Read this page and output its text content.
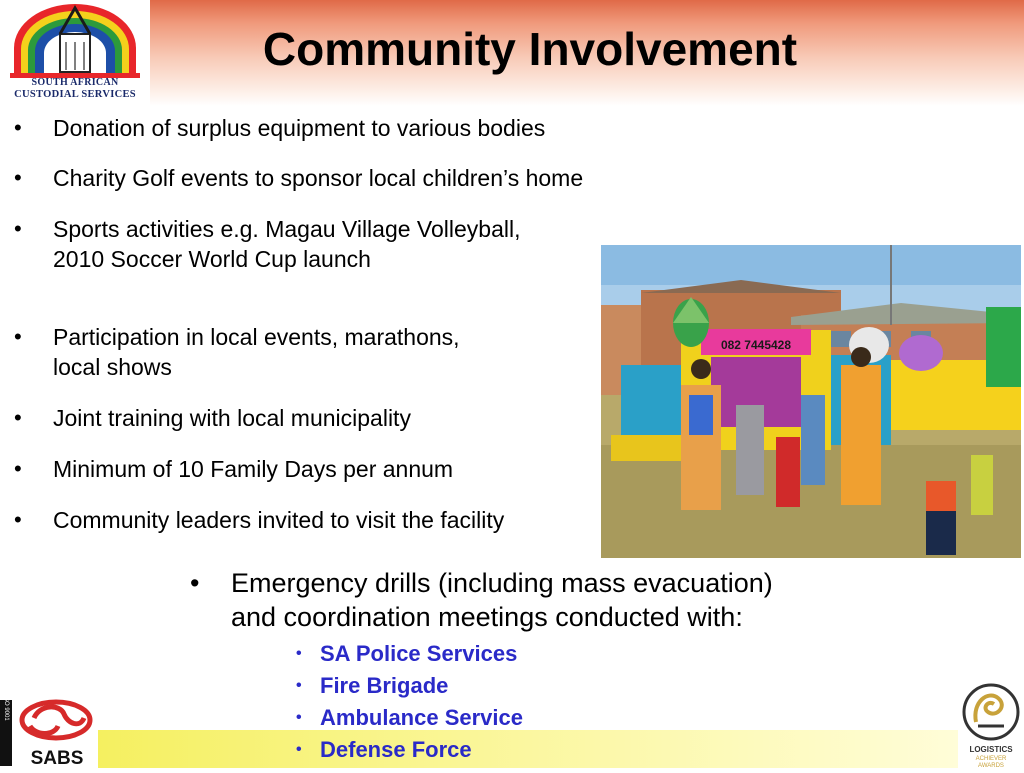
SOUTH AFRICAN
CUSTODIAL SERVICES
Community Involvement
• Donation of surplus equipment to various bodies
• Charity Golf events to sponsor local children’s home
• Sports activities e.g. Magau Village Volleyball,
2010 Soccer World Cup launch
• Participation in local events, marathons,
local shows
• Joint training with local municipality
• Minimum of 10 Family Days per annum
• Community leaders invited to visit the facility
082 7445428
• Emergency drills (including mass evacuation)
and coordination meetings conducted with:
• SA Police Services
• Fire Brigade
• Ambulance Service
• Defense Force
ISO 9001
SABS	LOGISTICS
ACHIEVER
AWARDS
